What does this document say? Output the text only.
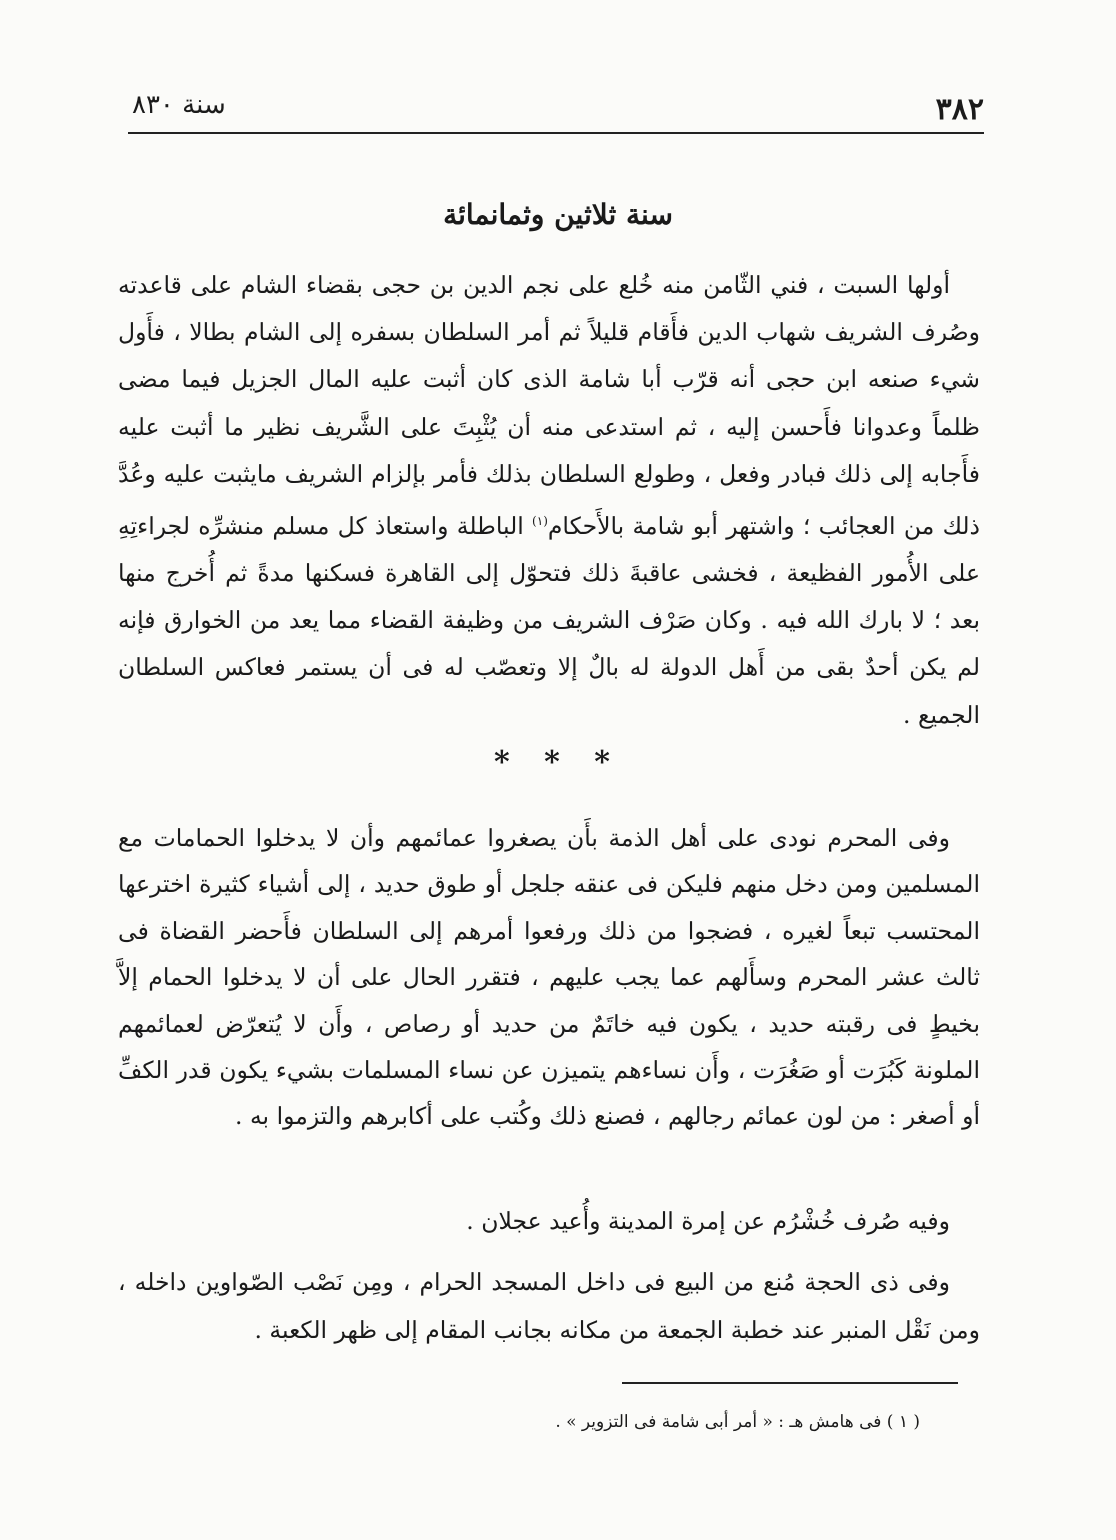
٣٨٢
سنة ٨٣٠
سنة ثلاثين وثمانمائة

أولها السبت ، فني الثّامن منه خُلع على نجم الدين بن حجى بقضاء الشام على قاعدته وصُرف الشريف شهاب الدين فأَقام قليلاً ثم أمر السلطان بسفره إلى الشام بطالا ، فأَول شيء صنعه ابن حجى أنه قرّب أبا شامة الذى كان أثبت عليه المال الجزيل فيما مضى ظلماً وعدوانا فأَحسن إليه ، ثم استدعى منه أن يُثْبِتَ على الشَّريف نظير ما أثبت عليه فأَجابه إلى ذلك فبادر وفعل ، وطولع السلطان بذلك فأمر بإلزام الشريف مايثبت عليه وعُدَّ ذلك من العجائب ؛ واشتهر أبو شامة بالأَحكام$^{(١)}$ الباطلة واستعاذ كل مسلم منشرِّه لجراءتِهِ على الأُمور الفظيعة ، فخشى عاقبةَ ذلك فتحوّل إلى القاهرة فسكنها مدةً ثم أُخرج منها بعد ؛ لا بارك الله فيه . وكان صَرْف الشريف من وظيفة القضاء مما يعد من الخوارق فإنه لم يكن أحدٌ بقى من أَهل الدولة له بالٌ إلا وتعصّب له فى أن يستمر فعاكس السلطان الجميع .

* * *

وفى المحرم نودى على أهل الذمة بأَن يصغروا عمائمهم وأن لا يدخلوا الحمامات مع المسلمين ومن دخل منهم فليكن فى عنقه جلجل أو طوق حديد ، إلى أشياء كثيرة اخترعها المحتسب تبعاً لغيره ، فضجوا من ذلك ورفعوا أمرهم إلى السلطان فأَحضر القضاة فى ثالث عشر المحرم وسأَلهم عما يجب عليهم ، فتقرر الحال على أن لا يدخلوا الحمام إلاَّ بخيطٍ فى رقبته حديد ، يكون فيه خاتَمٌ من حديد أو رصاص ، وأَن لا يُتعرّض لعمائمهم الملونة كَبُرَت أو صَغُرَت ، وأَن نساءهم يتميزن عن نساء المسلمات بشيء يكون قدر الكفِّ أو أصغر : من لون عمائم رجالهم ، فصنع ذلك وكُتب على أكابرهم والتزموا به .

وفيه صُرف خُشْرُم عن إمرة المدينة وأُعيد عجلان .

وفى ذى الحجة مُنع من البيع فى داخل المسجد الحرام ، ومِن نَصْب الصّواوين داخله ، ومن نَقْل المنبر عند خطبة الجمعة من مكانه بجانب المقام إلى ظهر الكعبة .

( ١ ) فى هامش هـ : « أمر أبى شامة فى التزوير » .
